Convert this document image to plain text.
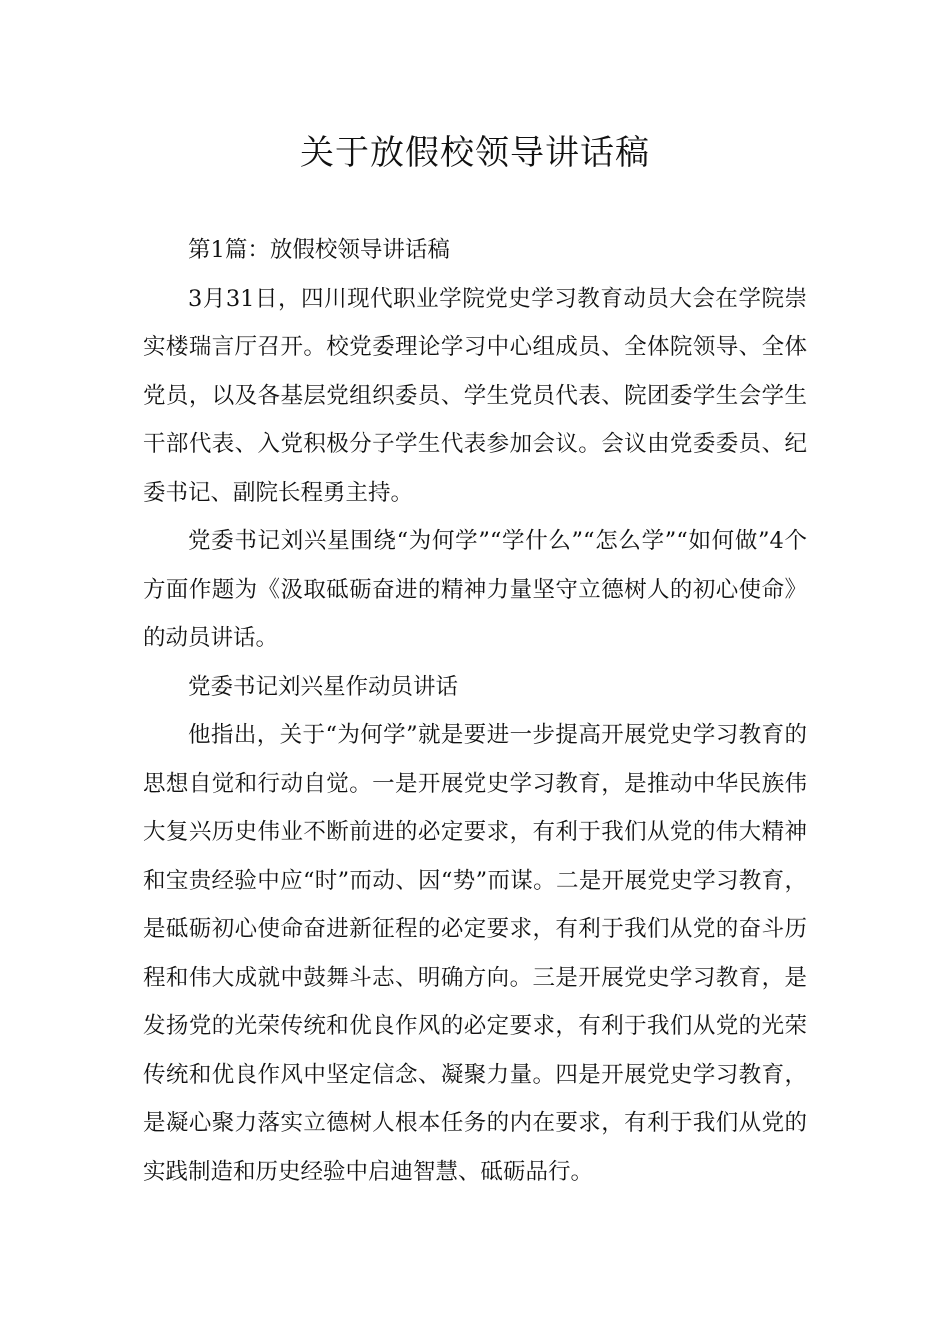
关于放假校领导讲话稿

第1篇：放假校领导讲话稿

3月31日，四川现代职业学院党史学习教育动员大会在学院崇实楼瑞言厅召开。校党委理论学习中心组成员、全体院领导、全体党员，以及各基层党组织委员、学生党员代表、院团委学生会学生干部代表、入党积极分子学生代表参加会议。会议由党委委员、纪委书记、副院长程勇主持。

党委书记刘兴星围绕“为何学”“学什么”“怎么学”“如何做”4个方面作题为《汲取砥砺奋进的精神力量坚守立德树人的初心使命》的动员讲话。

党委书记刘兴星作动员讲话

他指出，关于“为何学”就是要进一步提高开展党史学习教育的思想自觉和行动自觉。一是开展党史学习教育，是推动中华民族伟大复兴历史伟业不断前进的必定要求，有利于我们从党的伟大精神和宝贵经验中应“时”而动、因“势”而谋。二是开展党史学习教育，是砥砺初心使命奋进新征程的必定要求，有利于我们从党的奋斗历程和伟大成就中鼓舞斗志、明确方向。三是开展党史学习教育，是发扬党的光荣传统和优良作风的必定要求，有利于我们从党的光荣传统和优良作风中坚定信念、凝聚力量。四是开展党史学习教育，是凝心聚力落实立德树人根本任务的内在要求，有利于我们从党的实践制造和历史经验中启迪智慧、砥砺品行。
